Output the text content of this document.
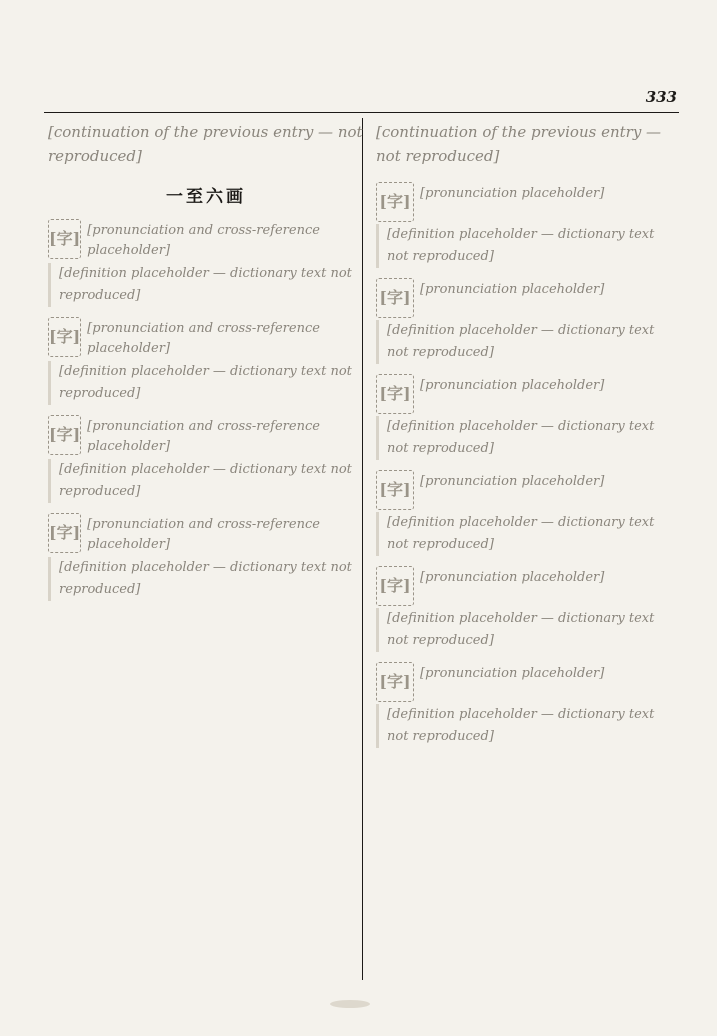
333

[continuation of the previous entry — not reproduced]

一至六画
[字] [pronunciation and cross-reference placeholder]
[definition placeholder — dictionary text not reproduced]
[字] [pronunciation and cross-reference placeholder]
[definition placeholder — dictionary text not reproduced]
[字] [pronunciation and cross-reference placeholder]
[definition placeholder — dictionary text not reproduced]
[字] [pronunciation and cross-reference placeholder]
[definition placeholder — dictionary text not reproduced]

[continuation of the previous entry — not reproduced]

[字] [pronunciation placeholder]
[definition placeholder — dictionary text not reproduced]
[字] [pronunciation placeholder]
[definition placeholder — dictionary text not reproduced]
[字] [pronunciation placeholder]
[definition placeholder — dictionary text not reproduced]
[字] [pronunciation placeholder]
[definition placeholder — dictionary text not reproduced]
[字] [pronunciation placeholder]
[definition placeholder — dictionary text not reproduced]
[字] [pronunciation placeholder]
[definition placeholder — dictionary text not reproduced]
